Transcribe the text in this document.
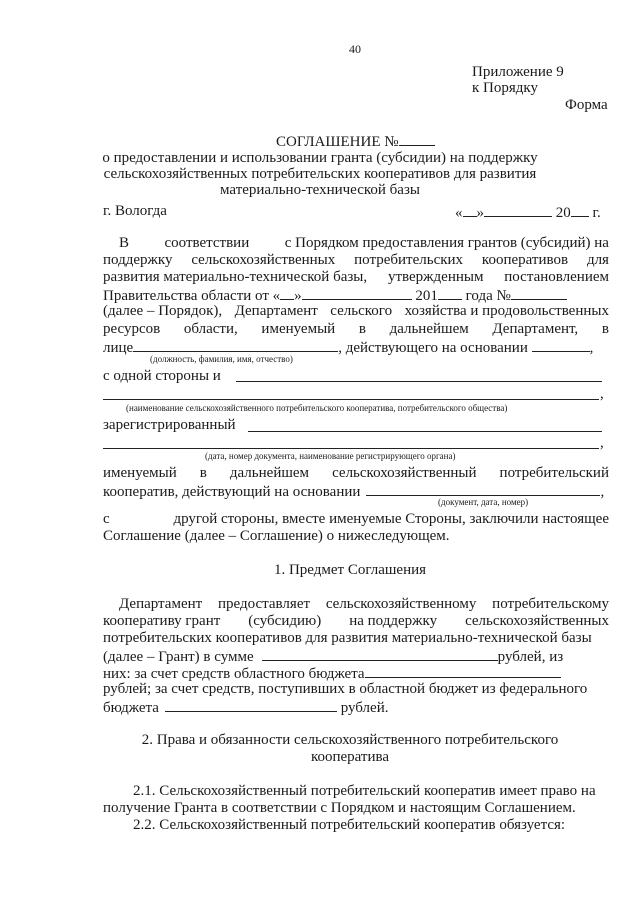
40
Приложение 9
к Порядку
Форма
СОГЛАШЕНИЕ №
о предоставлении и использовании гранта (субсидии) на поддержку
сельскохозяйственных потребительских кооперативов для развития
материально-технической базы
г. Вологда	« »	20 г.
В соответствии с Порядком предоставления грантов (субсидий) на
поддержку сельскохозяйственных потребительских кооперативов для
развития материально-технической базы, утвержденным постановлением
Правительства области от « »	201 года №
(далее – Порядок), Департамент сельского хозяйства и продовольственных
ресурсов области, именуемый в дальнейшем Департамент, в
лице	, действующего на основании	,
(должность, фамилия, имя, отчество)
с одной стороны и
,
(наименование сельскохозяйственного потребительского кооператива, потребительского общества)
зарегистрированный
,
(дата, номер документа, наименование регистрирующего органа)
именуемый в дальнейшем сельскохозяйственный потребительский
кооператив, действующий на основании	,
(документ, дата, номер)
с	другой стороны, вместе именуемые Стороны, заключили настоящее
Соглашение (далее – Соглашение) о нижеследующем.
1. Предмет Соглашения
Департамент предоставляет сельскохозяйственному потребительскому
кооперативу грант (субсидию) на поддержку сельскохозяйственных
потребительских кооперативов для развития материально-технической базы
(далее – Грант) в сумме	рублей, из
них: за счет средств областного бюджета
рублей; за счет средств, поступивших в областной бюджет из федерального
бюджета	рублей.
2. Права и обязанности сельскохозяйственного потребительского
кооператива
2.1. Сельскохозяйственный потребительский кооператив имеет право на
получение Гранта в соответствии с Порядком и настоящим Соглашением.
2.2. Сельскохозяйственный потребительский кооператив обязуется:
